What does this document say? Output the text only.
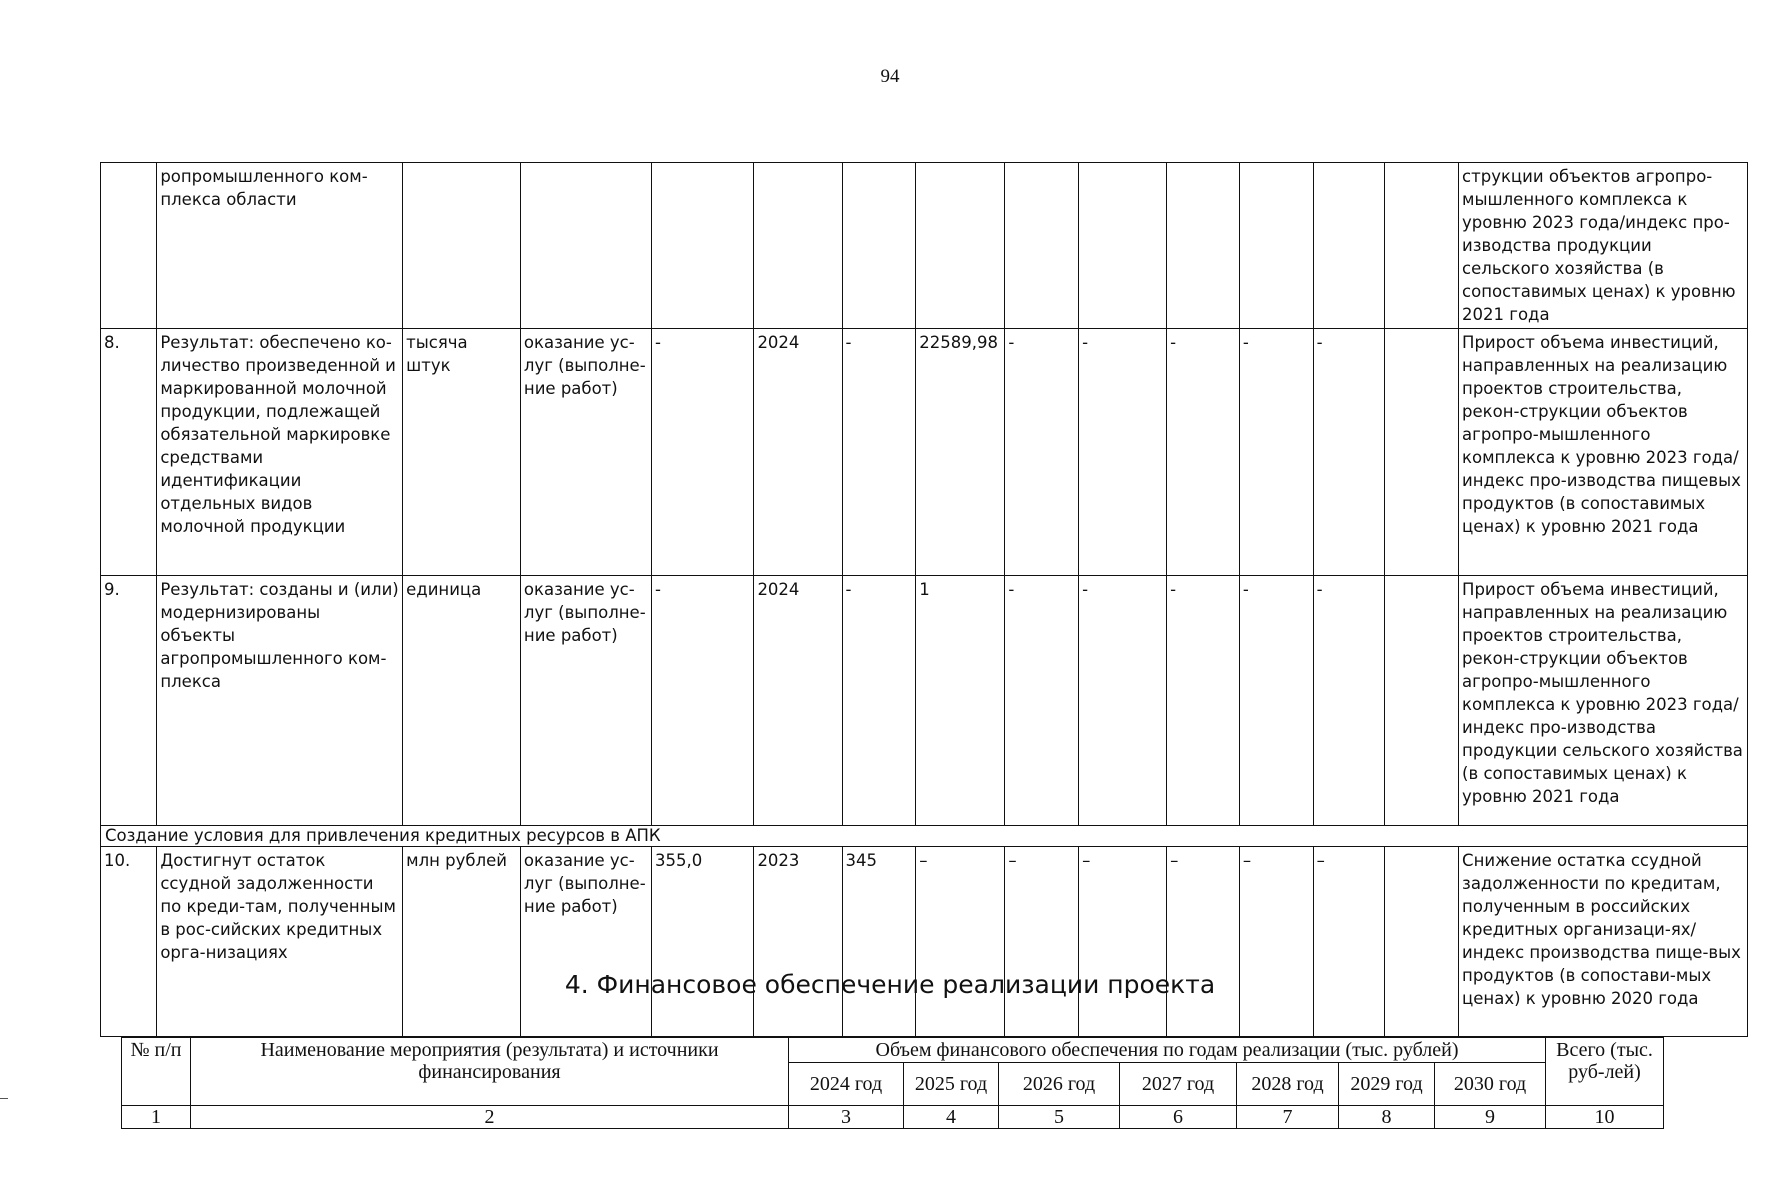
94
	ропромышленного ком-плекса области													струкции объектов агропро-мышленного комплекса к уровню 2023 года/индекс про-изводства продукции сельского хозяйства (в сопоставимых ценах) к уровню 2021 года
8.	Результат: обеспечено ко-личество произведенной и маркированной молочной продукции, подлежащей обязательной маркировке средствами идентификации отдельных видов молочной продукции	тысяча штук	оказание ус-луг (выполне-ние работ)	-	2024	-	22589,98	-	-	-	-	-		Прирост объема инвестиций, направленных на реализацию проектов строительства, рекон-струкции объектов агропро-мышленного комплекса к уровню 2023 года/индекс про-изводства пищевых продуктов (в сопоставимых ценах) к уровню 2021 года
9.	Результат: созданы и (или) модернизированы объекты агропромышленного ком-плекса	единица	оказание ус-луг (выполне-ние работ)	-	2024	-	1	-	-	-	-	-		Прирост объема инвестиций, направленных на реализацию проектов строительства, рекон-струкции объектов агропро-мышленного комплекса к уровню 2023 года/индекс про-изводства продукции сельского хозяйства (в сопоставимых ценах) к уровню 2021 года
Создание условия для привлечения кредитных ресурсов в АПК														
10.	Достигнут остаток ссудной задолженности по креди-там, полученным в рос-сийских кредитных орга-низациях	млн рублей	оказание ус-луг (выполне-ние работ)	355,0	2023	345	–	–	–	–	–	–		Снижение остатка ссудной задолженности по кредитам, полученным в российских кредитных организаци-ях/индекс производства пище-вых продуктов (в сопостави-мых ценах) к уровню 2020 года
4. Финансовое обеспечение реализации проекта
№ п/п	Наименование мероприятия (результата) и источники финансирования	Объем финансового обеспечения по годам реализации (тыс. рублей)							Всего (тыс. руб-лей)
		2024 год	2025 год	2026 год	2027 год	2028 год	2029 год	2030 год	
1	2	3	4	5	6	7	8	9	10
